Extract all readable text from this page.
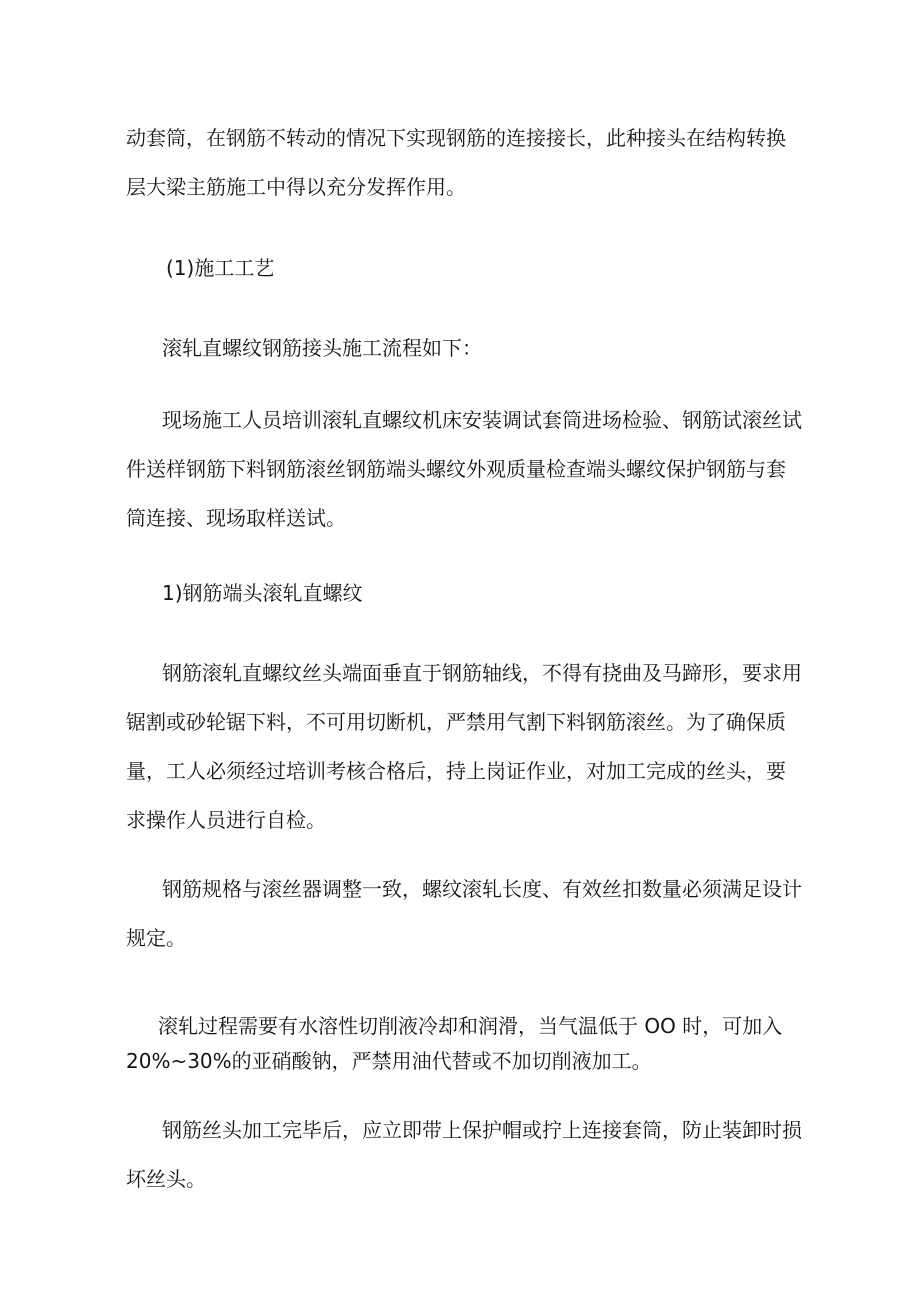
动套筒，在钢筋不转动的情况下实现钢筋的连接接长，此种接头在结构转换

层大梁主筋施工中得以充分发挥作用。

(1)施工工艺

滚轧直螺纹钢筋接头施工流程如下：

现场施工人员培训滚轧直螺纹机床安装调试套筒进场检验、钢筋试滚丝试

件送样钢筋下料钢筋滚丝钢筋端头螺纹外观质量检查端头螺纹保护钢筋与套

筒连接、现场取样送试。

1)钢筋端头滚轧直螺纹

钢筋滚轧直螺纹丝头端面垂直于钢筋轴线，不得有挠曲及马蹄形，要求用

锯割或砂轮锯下料，不可用切断机，严禁用气割下料钢筋滚丝。为了确保质

量，工人必须经过培训考核合格后，持上岗证作业，对加工完成的丝头，要

求操作人员进行自检。

钢筋规格与滚丝器调整一致，螺纹滚轧长度、有效丝扣数量必须满足设计

规定。

滚轧过程需要有水溶性切削液冷却和润滑，当气温低于 OO 时，可加入

20%~30%的亚硝酸钠，严禁用油代替或不加切削液加工。

钢筋丝头加工完毕后，应立即带上保护帽或拧上连接套筒，防止装卸时损

坏丝头。
